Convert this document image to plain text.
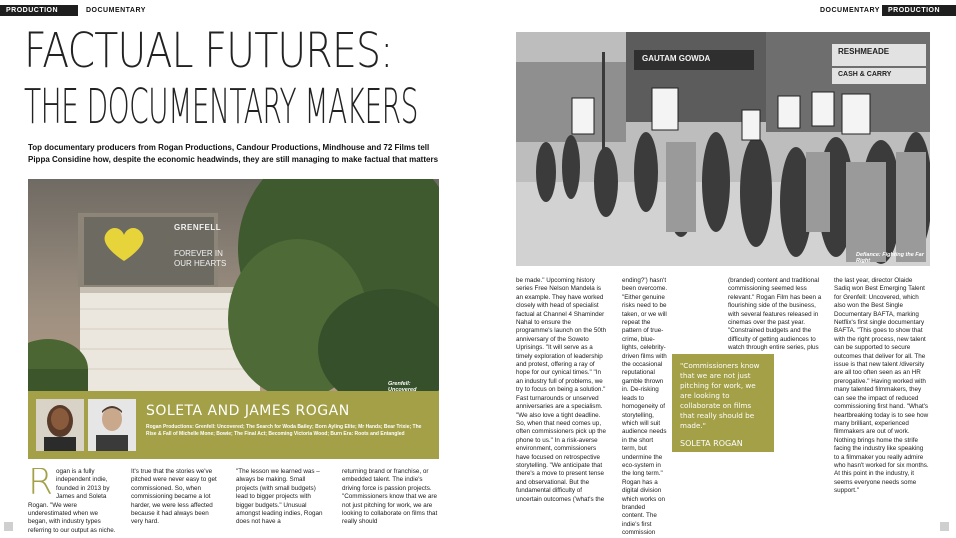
PRODUCTION	DOCUMENTARY	DOCUMENTARY	PRODUCTION
FACTUAL FUTURES:
THE DOCUMENTARY MAKERS
Top documentary producers from Rogan Productions, Candour Productions, Mindhouse and 72 Films tell Pippa Considine how, despite the economic headwinds, they are still managing to make factual that matters
GRENFELL
FOREVER IN
OUR HEARTS
Grenfell: Uncovered
SOLETA AND JAMES ROGAN
Rogan Productions: Grenfell: Uncovered; The Search for Woda Bailey; Born Ayling Elite; Mr Hands; Bear Trixie; The Rise & Fall of Michelle Mone; Bowie; The Final Act; Becoming Victoria Wood; Burn Era: Roots and Entangled
Rogan is a fully independent indie, founded in 2013 by James and Soleta Rogan. "We were underestimated when we began, with industry types referring to our output as niche.
It's true that the stories we've pitched were never easy to get commissioned. So, when commissioning became a lot harder, we were less affected because it had always been very hard.
"The lesson we learned was – always be making. Small projects (with small budgets) lead to bigger projects with bigger budgets." Unusual amongst leading indies, Rogan does not have a
returning brand or franchise, or embedded talent. The indie's driving force is passion projects. "Commissioners know that we are not just pitching for work, we are looking to collaborate on films that really should
GAUTAM GOWDA
RESHMEADE
CASH & CARRY
Defiance: Fighting the Far Right
be made." Upcoming history series Free Nelson Mandela is an example. They have worked closely with head of specialist factual at Channel 4 Shaminder Nahal to ensure the programme's launch on the 50th anniversary of the Soweto Uprisings. "It will serve as a timely exploration of leadership and protest, offering a ray of hope for our cynical times." "In an industry full of problems, we try to focus on being a solution." Fast turnarounds or unserved anniversaries are a specialism. "We also love a tight deadline. So, when that need comes up, often commissioners pick up the phone to us." In a risk-averse environment, commissioners have focused on retrospective storytelling. "We anticipate that there's a move to present tense and observational. But the fundamental difficulty of uncertain outcomes ('what's the
ending?') hasn't been overcome. "Either genuine risks need to be taken, or we will repeat the pattern of true-crime, blue-lights, celebrity-driven films with the occasional reputational gamble thrown in. De-risking leads to homogeneity of storytelling, which will suit audience needs in the short term, but undermine the eco-system in the long term." Rogan has a digital division which works on branded content. The indie's first commission
(branded) content and traditional commissioning seemed less relevant." Rogan Film has been a flourishing side of the business, with several features released in cinemas over the past year. "Constrained budgets and the difficulty of getting audiences to watch through entire series, plus
the last year, director Olaide Sadiq won Best Emerging Talent for Grenfell: Uncovered, which also won the Best Single Documentary BAFTA, marking Netflix's first single documentary BAFTA. "This goes to show that with the right process, new talent can be supported to secure outcomes that deliver for all. The issue is that new talent /diversity are all too often seen as an HR prerogative." Having worked with many talented filmmakers, they can see the impact of reduced commissioning first hand. "What's heartbreaking today is to see how many brilliant, experienced filmmakers are out of work. Nothing brings home the strife facing the industry like speaking to a filmmaker you really admire who hasn't worked for six months. At this point in the industry, it seems everyone needs some support."
"Commissioners know that we are not just pitching for work, we are looking to collaborate on films that really should be made."
SOLETA ROGAN
